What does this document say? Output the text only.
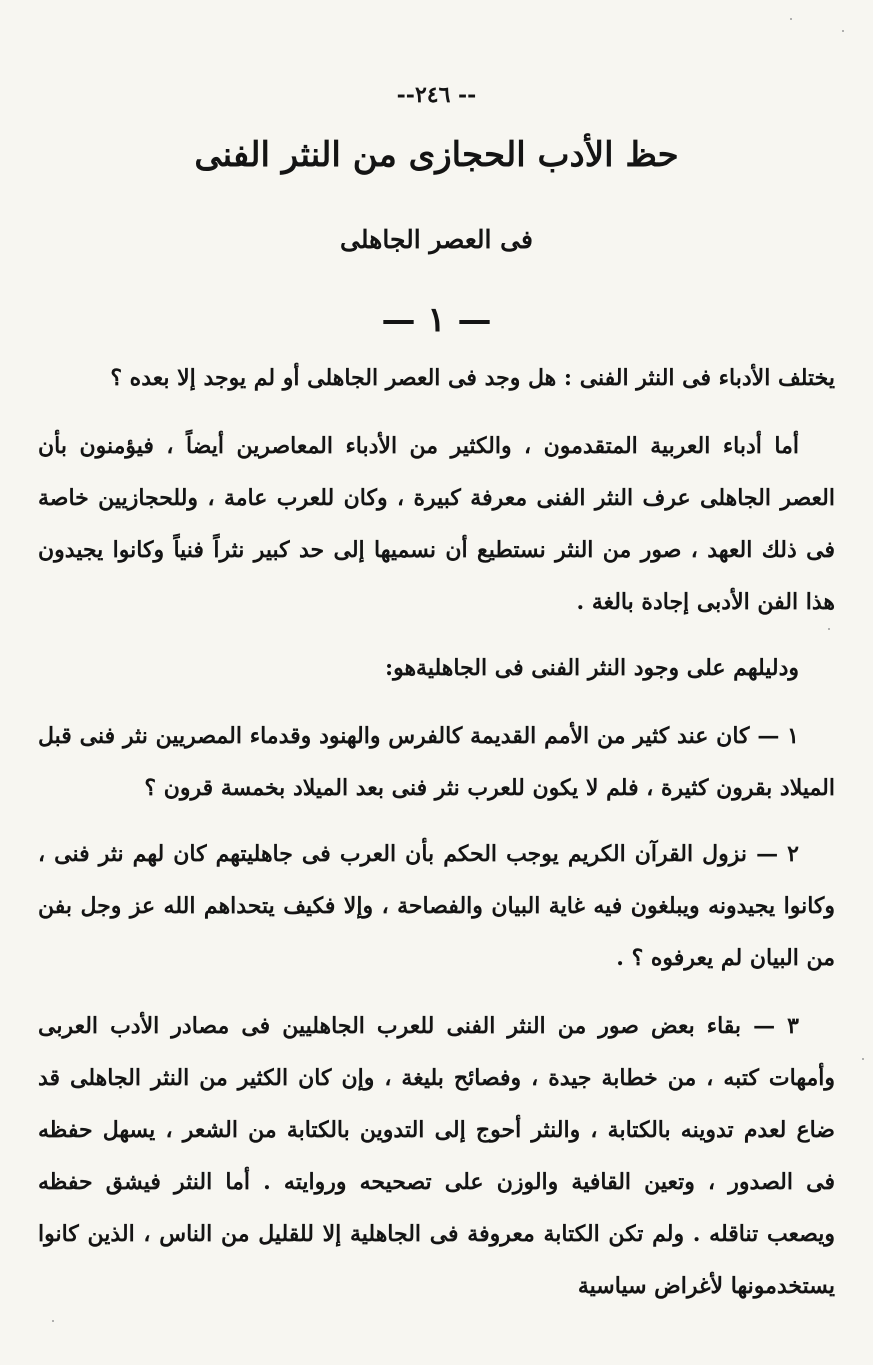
-- ٢٤٦--
حظ الأدب الحجازى من النثر الفنى
فى العصر الجاهلى
— ١ —

يختلف الأدباء فى النثر الفنى : هل وجد فى العصر الجاهلى أو لم يوجد إلا بعده ؟

أما أدباء العربية المتقدمون ، والكثير من الأدباء المعاصرين أيضاً ، فيؤمنون بأن العصر الجاهلى عرف النثر الفنى معرفة كبيرة ، وكان للعرب عامة ، وللحجازيين خاصة فى ذلك العهد ، صور من النثر نستطيع أن نسميها إلى حد كبير نثراً فنياً وكانوا يجيدون هذا الفن الأدبى إجادة بالغة .

ودليلهم على وجود النثر الفنى فى الجاهليةهو:

١ — كان عند كثير من الأمم القديمة كالفرس والهنود وقدماء المصريين نثر فنى قبل الميلاد بقرون كثيرة ، فلم لا يكون للعرب نثر فنى بعد الميلاد بخمسة قرون ؟

٢ — نزول القرآن الكريم يوجب الحكم بأن العرب فى جاهليتهم كان لهم نثر فنى ، وكانوا يجيدونه ويبلغون فيه غاية البيان والفصاحة ، وإلا فكيف يتحداهم الله عز وجل بفن من البيان لم يعرفوه ؟ .

٣ — بقاء بعض صور من النثر الفنى للعرب الجاهليين فى مصادر الأدب العربى وأمهات كتبه ، من خطابة جيدة ، وفصائح بليغة ، وإن كان الكثير من النثر الجاهلى قد ضاع لعدم تدوينه بالكتابة ، والنثر أحوج إلى التدوين بالكتابة من الشعر ، يسهل حفظه فى الصدور ، وتعين القافية والوزن على تصحيحه وروايته . أما النثر فيشق حفظه ويصعب تناقله . ولم تكن الكتابة معروفة فى الجاهلية إلا للقليل من الناس ، الذين كانوا يستخدمونها لأغراض سياسية
